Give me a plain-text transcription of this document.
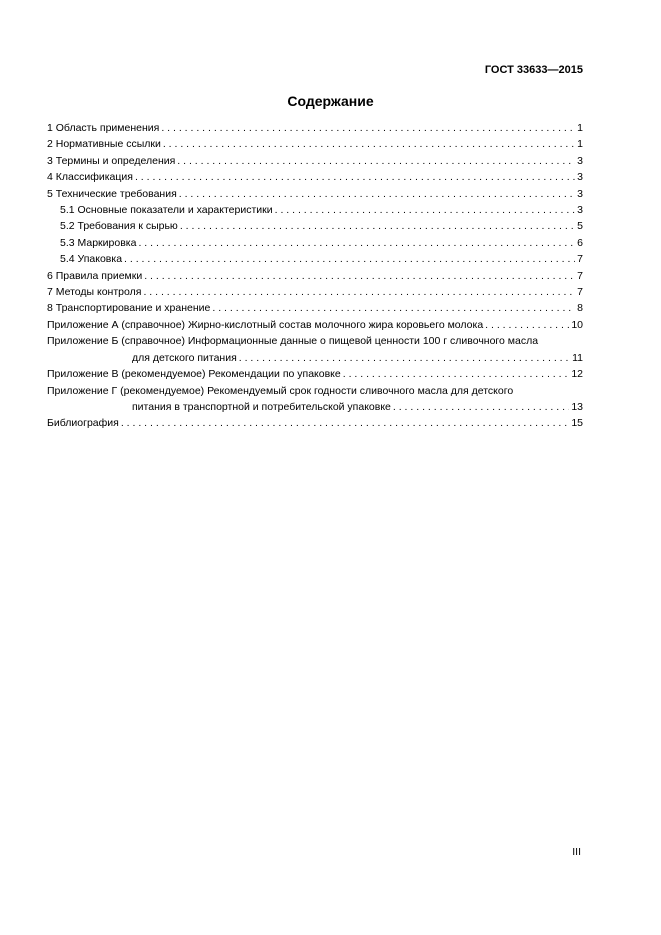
ГОСТ 33633—2015
Содержание
1 Область применения . . .	1
2 Нормативные ссылки . . .	1
3 Термины и определения . . .	3
4 Классификация . . .	3
5 Технические требования . . .	3
5.1 Основные показатели и характеристики . . .	3
5.2 Требования к сырью . . .	5
5.3 Маркировка . . .	6
5.4 Упаковка . . .	7
6 Правила приемки . . .	7
7 Методы контроля . . .	7
8 Транспортирование и хранение . . .	8
Приложение А (справочное) Жирно-кислотный состав молочного жира коровьего молока . . .	10
Приложение Б (справочное) Информационные данные о пищевой ценности 100 г сливочного масла
для детского питания . . .	11
Приложение В (рекомендуемое) Рекомендации по упаковке . . .	12
Приложение Г (рекомендуемое) Рекомендуемый срок годности сливочного масла для детского
питания в транспортной и потребительской упаковке . . .	13
Библиография . . .	15
III
